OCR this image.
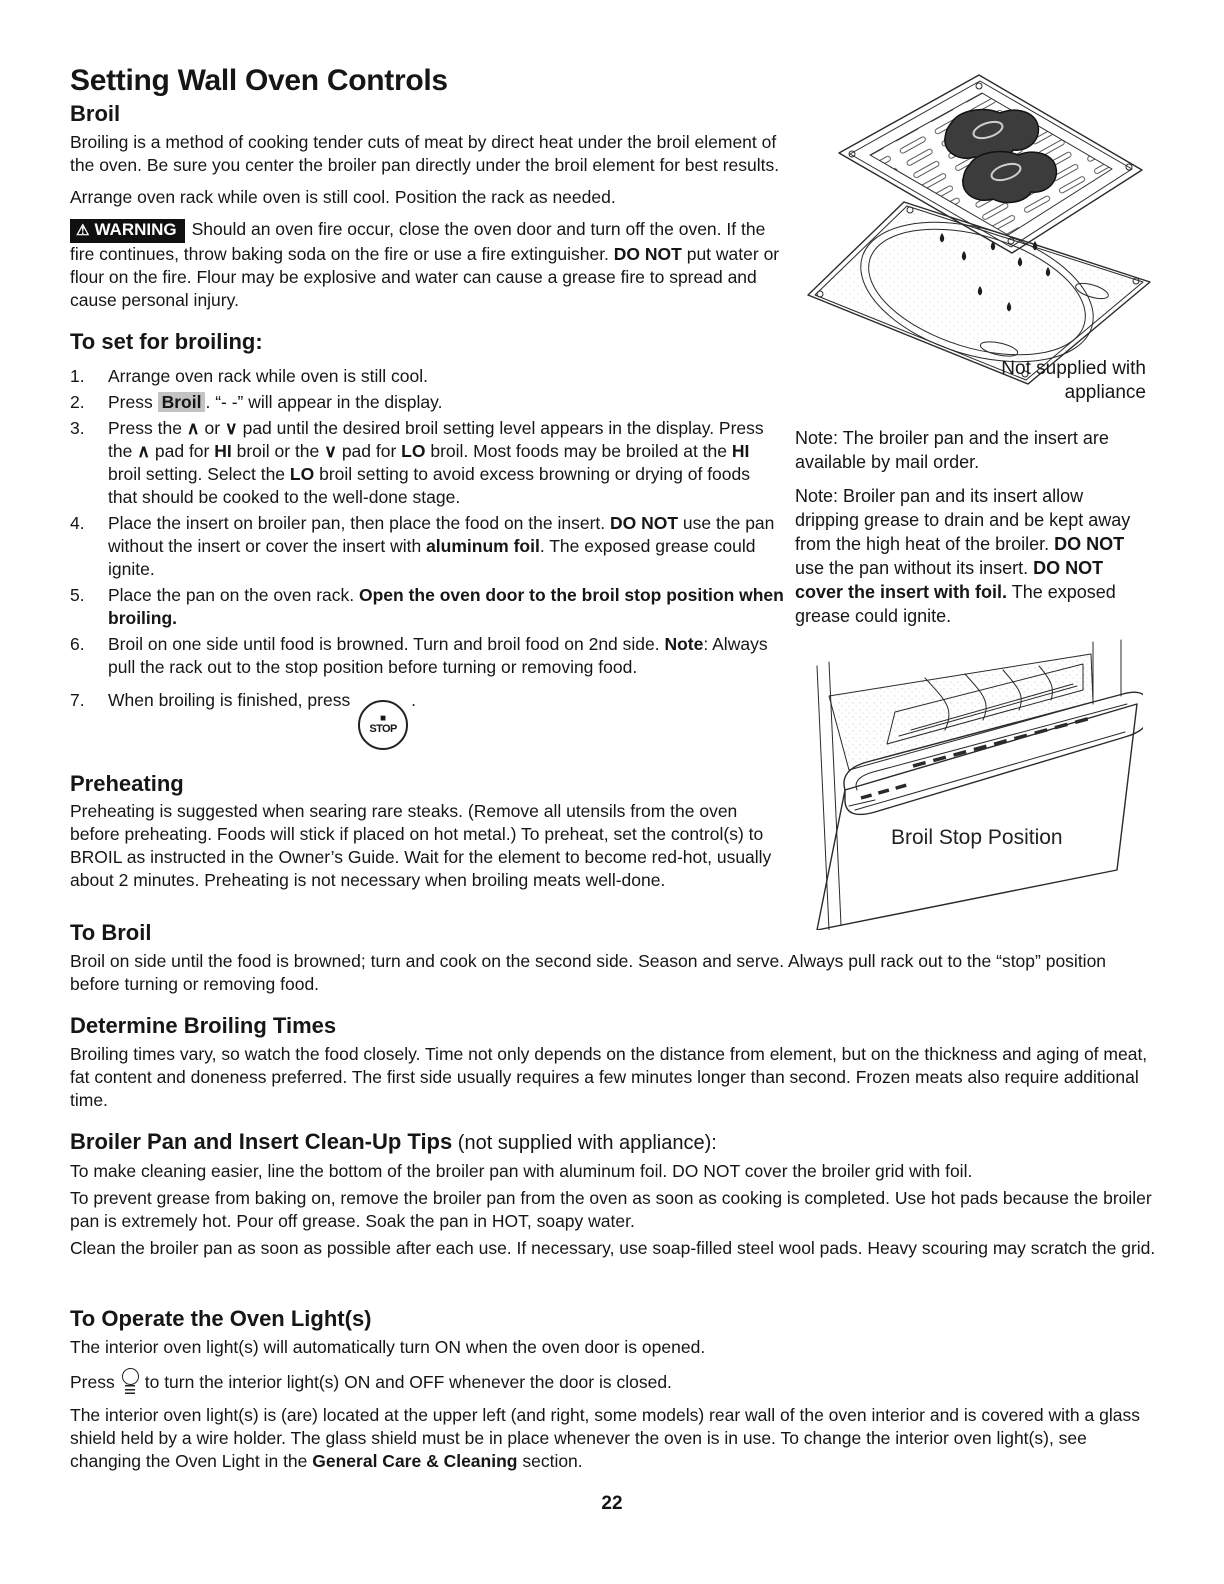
Setting Wall Oven Controls
Broil

Broiling is a method of cooking tender cuts of meat by direct heat under the broil element of the oven. Be sure you center the broiler pan directly under the broil element for best results.

Arrange oven rack while oven is still cool. Position the rack as needed.

⚠ WARNING Should an oven fire occur, close the oven door and turn off the oven. If the fire continues, throw baking soda on the fire or use a fire extinguisher. DO NOT put water or flour on the fire. Flour may be explosive and water can cause a grease fire to spread and cause personal injury.

To set for broiling:
1.	Arrange oven rack while oven is still cool.
2.	Press Broil . “- -” will appear in the display.
3.	Press the ∧ or ∨ pad until the desired broil setting level appears in the display. Press the ∧ pad for HI broil or the ∨ pad for LO broil. Most foods may be broiled at the HI broil setting. Select the LO broil setting to avoid excess browning or drying of foods that should be cooked to the well-done stage.
4.	Place the insert on broiler pan, then place the food on the insert. DO NOT use the pan without the insert or cover the insert with aluminum foil. The exposed grease could ignite.
5.	Place the pan on the oven rack. Open the oven door to the broil stop position when broiling.
6.	Broil on one side until food is browned. Turn and broil food on 2nd side. Note: Always pull the rack out to the stop position before turning or removing food.
7.	When broiling is finished, press
■
STOP
.
Preheating

Preheating is suggested when searing rare steaks. (Remove all utensils from the oven before preheating. Foods will stick if placed on hot metal.) To preheat, set the control(s) to BROIL as instructed in the Owner’s Guide. Wait for the element to become red-hot, usually about 2 minutes. Preheating is not necessary when broiling meats well-done.

Not supplied with appliance

Note: The broiler pan and the insert are available by mail order.

Note: Broiler pan and its insert allow dripping grease to drain and be kept away from the high heat of the broiler. DO NOT use the pan without its insert. DO NOT cover the insert with foil. The exposed grease could ignite.

Broil Stop Position
To Broil

Broil on side until the food is browned; turn and cook on the second side. Season and serve. Always pull rack out to the “stop” position before turning or removing food.

Determine Broiling Times

Broiling times vary, so watch the food closely. Time not only depends on the distance from element, but on the thickness and aging of meat, fat content and doneness preferred. The first side usually requires a few minutes longer than second. Frozen meats also require additional time.

Broiler Pan and Insert Clean-Up Tips (not supplied with appliance):

To make cleaning easier, line the bottom of the broiler pan with aluminum foil. DO NOT cover the broiler grid with foil.

To prevent grease from baking on, remove the broiler pan from the oven as soon as cooking is completed. Use hot pads because the broiler pan is extremely hot. Pour off grease. Soak the pan in HOT, soapy water.

Clean the broiler pan as soon as possible after each use. If necessary, use soap-filled steel wool pads. Heavy scouring may scratch the grid.

To Operate the Oven Light(s)

The interior oven light(s) will automatically turn ON when the oven door is opened.

Press to turn the interior light(s) ON and OFF whenever the door is closed.

The interior oven light(s) is (are) located at the upper left (and right, some models) rear wall of the oven interior and is covered with a glass shield held by a wire holder. The glass shield must be in place whenever the oven is in use. To change the interior oven light(s), see changing the Oven Light in the General Care & Cleaning section.

22
